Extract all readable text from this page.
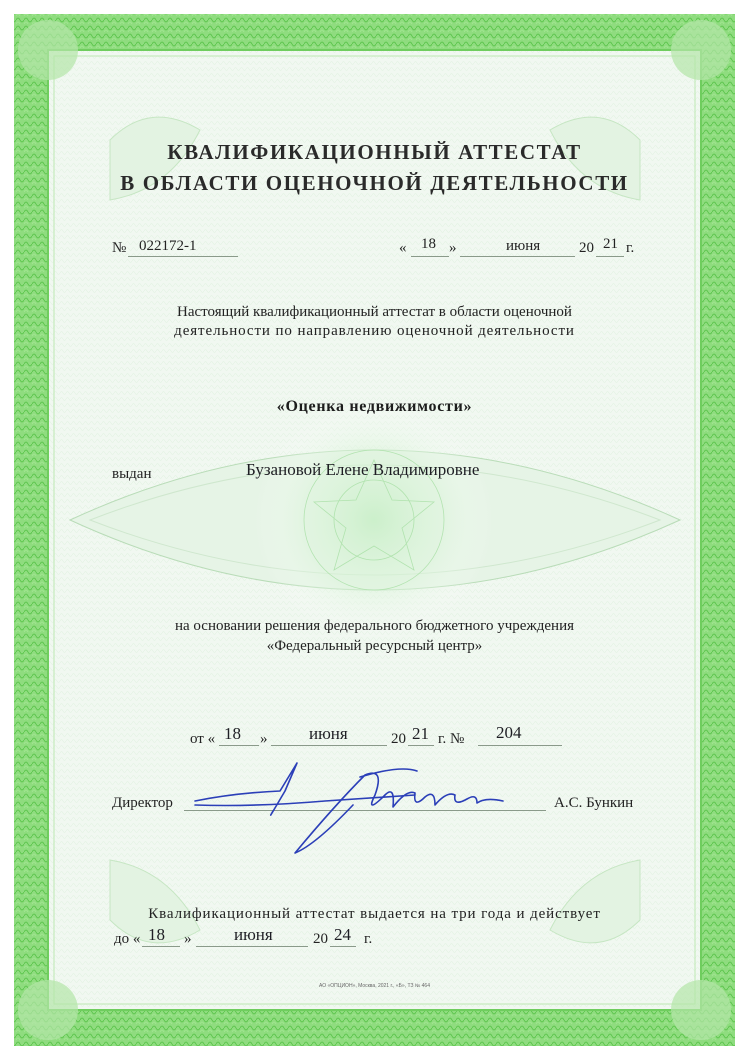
КВАЛИФИКАЦИОННЫЙ АТТЕСТАТ
В ОБЛАСТИ ОЦЕНОЧНОЙ ДЕЯТЕЛЬНОСТИ
№ 022172-1	« 18 »	июня	20 21 г.
Настоящий квалификационный аттестат в области оценочной
деятельности по направлению оценочной деятельности
«Оценка недвижимости»
выдан	Бузановой Елене Владимировне
на основании решения федерального бюджетного учреждения
«Федеральный ресурсный центр»
от « 18 » июня	20 21 г. № 204
Директор	А.С. Бункин
Квалификационный аттестат выдается на три года и действует
до « 18 »	июня	20 24 г.
АО «ОПЦИОН», Москва, 2021 г., «Б», ТЗ № 464
